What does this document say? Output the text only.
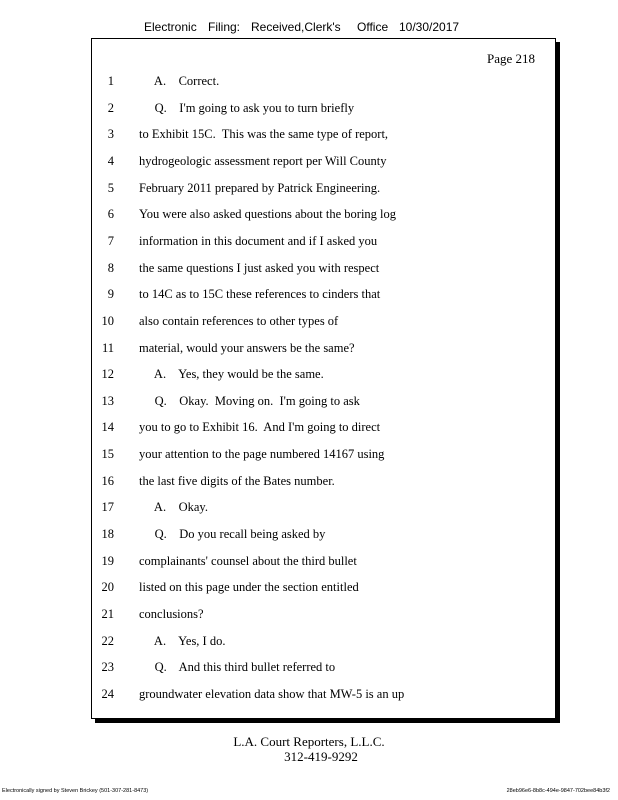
Electronic Filing: Received,Clerk's Office 10/30/2017
Page 218
1 A.    Correct.
2 Q.    I'm going to ask you to turn briefly
3 to Exhibit 15C.  This was the same type of report,
4 hydrogeologic assessment report per Will County
5 February 2011 prepared by Patrick Engineering.
6 You were also asked questions about the boring log
7 information in this document and if I asked you
8 the same questions I just asked you with respect
9 to 14C as to 15C these references to cinders that
10 also contain references to other types of
11 material, would your answers be the same?
12 A.    Yes, they would be the same.
13 Q.    Okay.  Moving on.  I'm going to ask
14 you to go to Exhibit 16.  And I'm going to direct
15 your attention to the page numbered 14167 using
16 the last five digits of the Bates number.
17 A.    Okay.
18 Q.    Do you recall being asked by
19 complainants' counsel about the third bullet
20 listed on this page under the section entitled
21 conclusions?
22 A.    Yes, I do.
23 Q.    And this third bullet referred to
24 groundwater elevation data show that MW-5 is an up
L.A. Court Reporters, L.L.C.
312-419-9292
Electronically signed by Steven Brickey (501-307-281-8473)	28eb96e6-8b8c-494e-9847-702bee84b3f2
